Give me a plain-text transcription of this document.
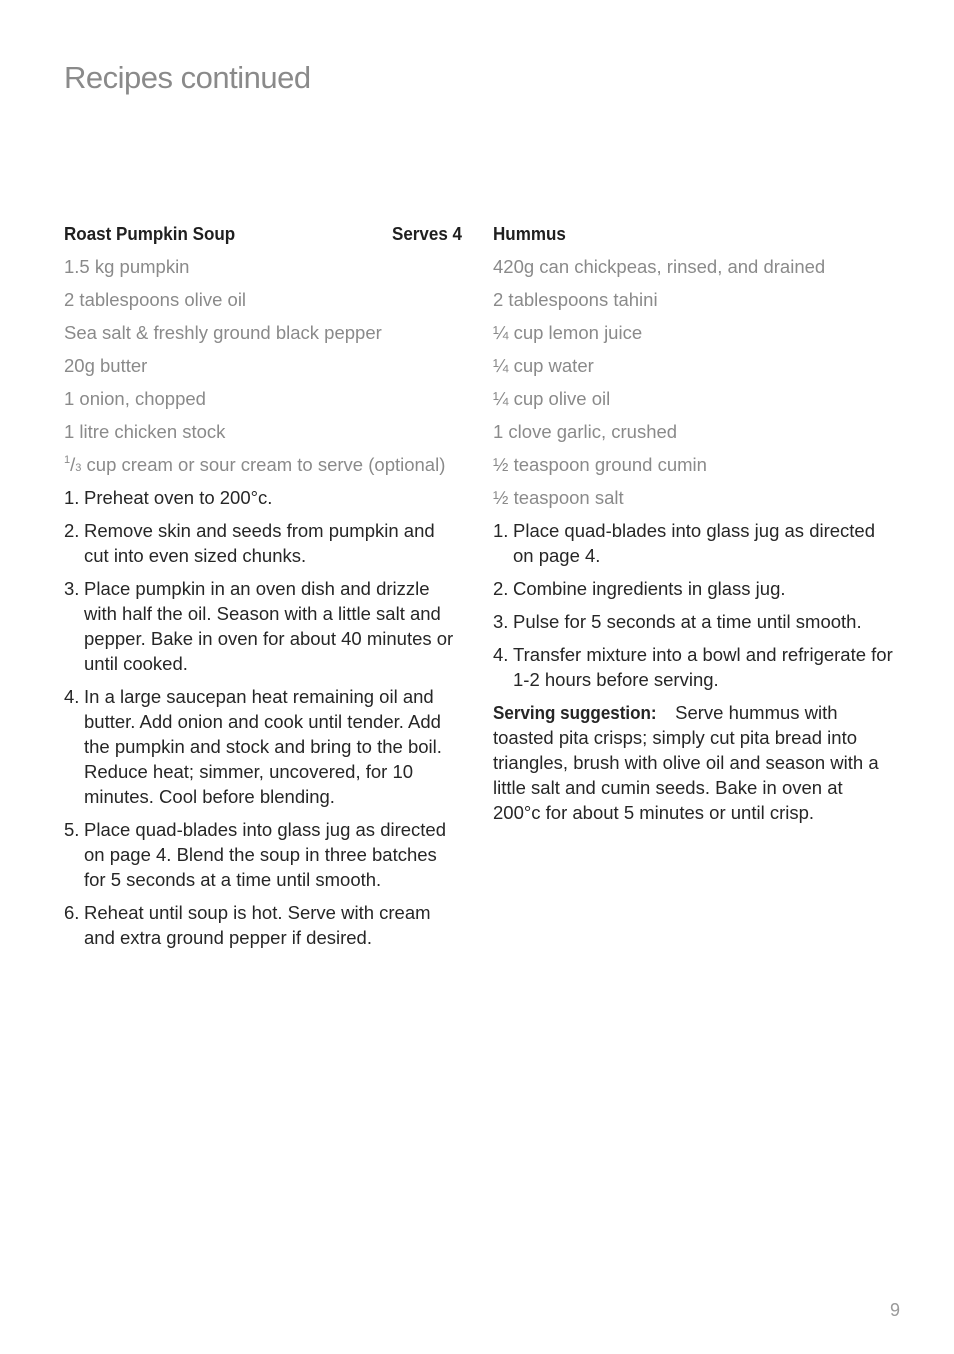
Recipes continued
Roast Pumpkin Soup	Serves 4
1.5 kg pumpkin
2 tablespoons olive oil
Sea salt & freshly ground black pepper
20g butter
1 onion, chopped
1 litre chicken stock
$^1$/3 cup cream or sour cream to serve (optional)
1. Preheat oven to 200°c.
2. Remove skin and seeds from pumpkin and cut into even sized chunks.
3. Place pumpkin in an oven dish and drizzle with half the oil. Season with a little salt and pepper. Bake in oven for about 40 minutes or until cooked.
4. In a large saucepan heat remaining oil and butter. Add onion and cook until tender. Add the pumpkin and stock and bring to the boil. Reduce heat; simmer, uncovered, for 10 minutes. Cool before blending.
5. Place quad-blades into glass jug as directed on page 4. Blend the soup in three batches for 5 seconds at a time until smooth.
6. Reheat until soup is hot. Serve with cream and extra ground pepper if desired.
Hummus
420g can chickpeas, rinsed, and drained
2 tablespoons tahini
¼ cup lemon juice
¼ cup water
¼ cup olive oil
1 clove garlic, crushed
½ teaspoon ground cumin
½ teaspoon salt
1. Place quad-blades into glass jug as directed on page 4.
2. Combine ingredients in glass jug.
3. Pulse for 5 seconds at a time until smooth.
4. Transfer mixture into a bowl and refrigerate for 1-2 hours before serving.

Serving suggestion: Serve hummus with toasted pita crisps; simply cut pita bread into triangles, brush with olive oil and season with a little salt and cumin seeds. Bake in oven at 200°c for about 5 minutes or until crisp.

9
